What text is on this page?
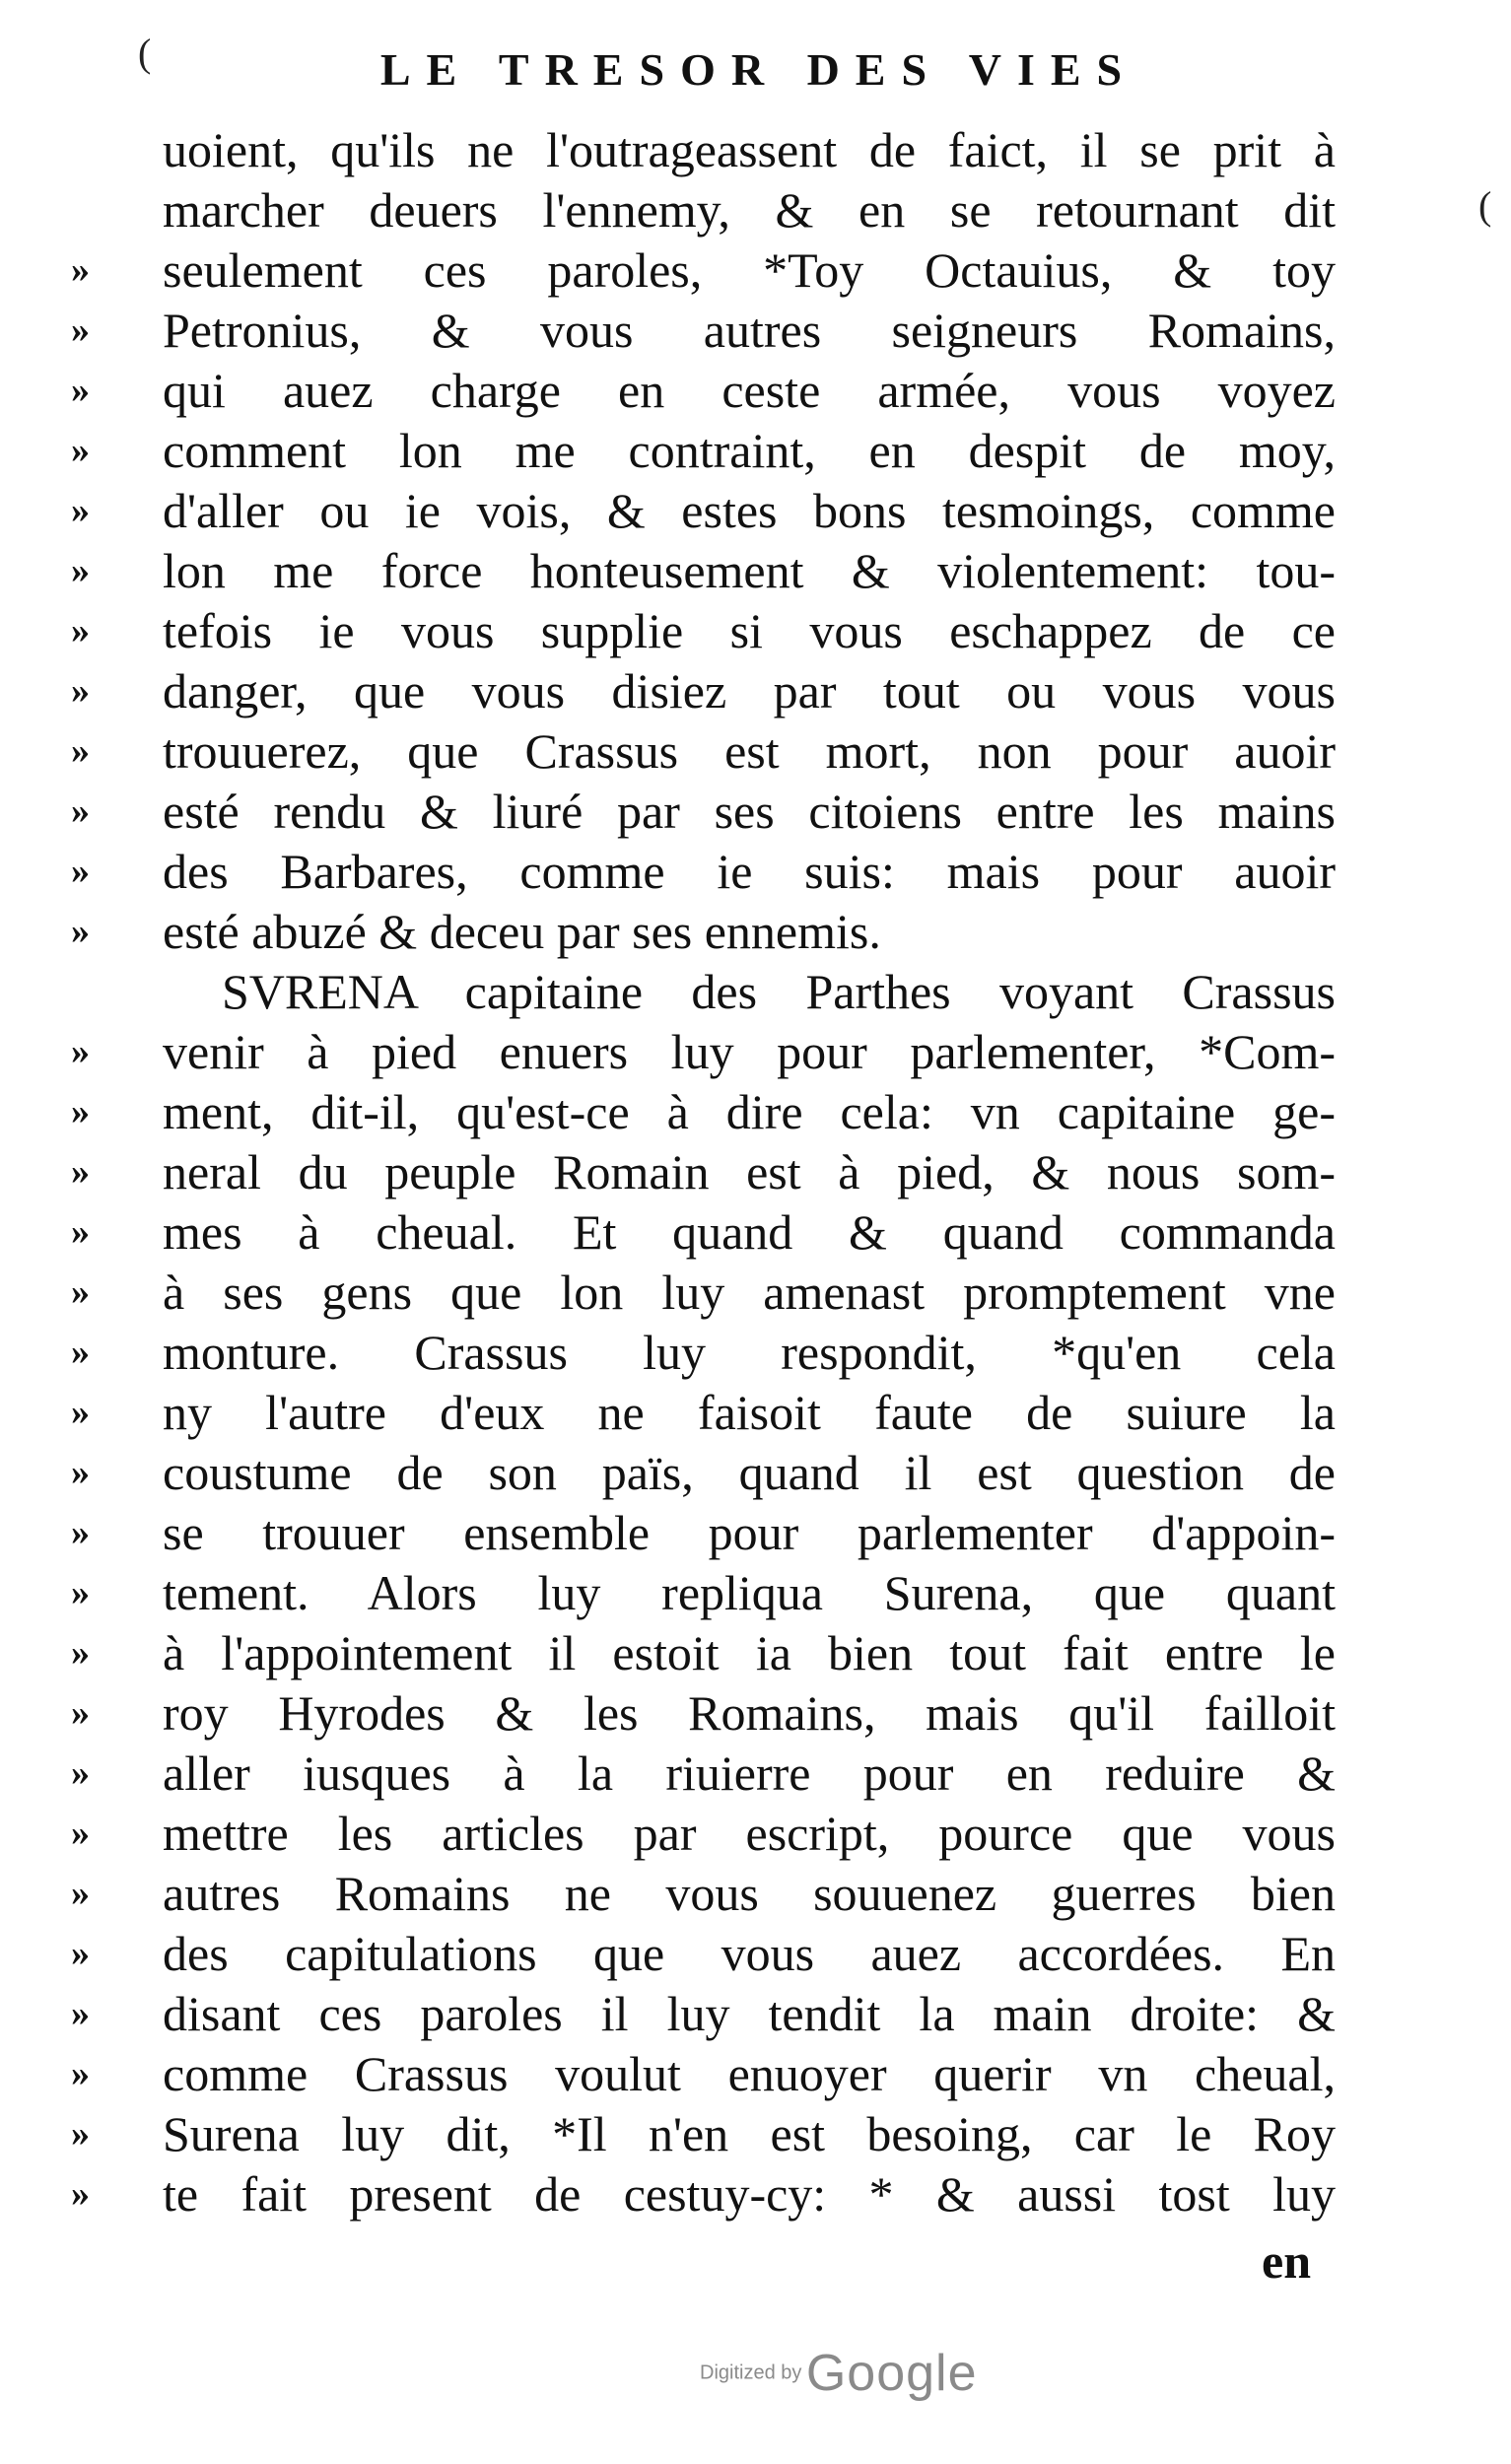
(
(
LE TRESOR DES VIES
uoient, qu'ils ne l'outrageassent de faict, il se prit à
marcher deuers l'ennemy, & en se retournant dit
»	seulement ces paroles, *Toy Octauius, & toy
»	Petronius, & vous autres seigneurs Romains,
»	qui auez charge en ceste armée, vous voyez
»	comment lon me contraint, en despit de moy,
»	d'aller ou ie vois, & estes bons tesmoings, comme
»	lon me force honteusement & violentement: tou-
»	tefois ie vous supplie si vous eschappez de ce
»	danger, que vous disiez par tout ou vous vous
»	trouuerez, que Crassus est mort, non pour auoir
»	esté rendu & liuré par ses citoiens entre les mains
»	des Barbares, comme ie suis: mais pour auoir
»	esté abuzé & deceu par ses ennemis.
SVRENA capitaine des Parthes voyant Crassus
»	venir à pied enuers luy pour parlementer, *Com-
»	ment, dit-il, qu'est-ce à dire cela: vn capitaine ge-
»	neral du peuple Romain est à pied, & nous som-
»	mes à cheual. Et quand & quand commanda
»	à ses gens que lon luy amenast promptement vne
»	monture. Crassus luy respondit, *qu'en cela
»	ny l'autre d'eux ne faisoit faute de suiure la
»	coustume de son païs, quand il est question de
»	se trouuer ensemble pour parlementer d'appoin-
»	tement. Alors luy repliqua Surena, que quant
»	à l'appointement il estoit ia bien tout fait entre le
»	roy Hyrodes & les Romains, mais qu'il failloit
»	aller iusques à la riuierre pour en reduire &
»	mettre les articles par escript, pource que vous
»	autres Romains ne vous souuenez guerres bien
»	des capitulations que vous auez accordées. En
»	disant ces paroles il luy tendit la main droite: &
»	comme Crassus voulut enuoyer querir vn cheual,
»	Surena luy dit, *Il n'en est besoing, car le Roy
»	te fait present de cestuy-cy: * & aussi tost luy
en
Digitized by Google
